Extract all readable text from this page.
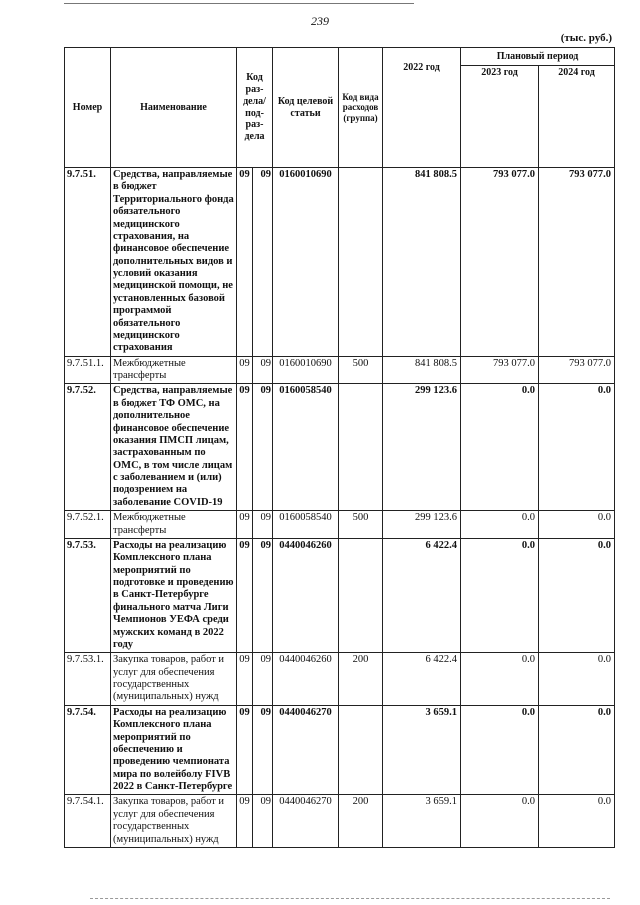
239
(тыс. руб.)
Номер	Наименование	Код раз-дела/ под-раз-дела		Код целевой статьи	Код вида расходов (группа)	2022 год	Плановый период	
							2023 год	2024 год
9.7.51.	Средства, направляемые в бюджет Территориального фонда обязательного медицинского страхования, на финансовое обеспечение дополнительных видов и условий оказания медицинской помощи, не установленных базовой программой обязательного медицинского страхования	09	09	0160010690		841 808.5	793 077.0	793 077.0
9.7.51.1.	Межбюджетные трансферты	09	09	0160010690	500	841 808.5	793 077.0	793 077.0
9.7.52.	Средства, направляемые в бюджет ТФ ОМС, на дополнительное финансовое обеспечение оказания ПМСП лицам, застрахованным по ОМС, в том числе лицам с заболеванием и (или) подозрением на заболевание COVID-19	09	09	0160058540		299 123.6	0.0	0.0
9.7.52.1.	Межбюджетные трансферты	09	09	0160058540	500	299 123.6	0.0	0.0
9.7.53.	Расходы на реализацию Комплексного плана мероприятий по подготовке и проведению в Санкт-Петербурге финального матча Лиги Чемпионов УЕФА среди мужских команд в 2022 году	09	09	0440046260		6 422.4	0.0	0.0
9.7.53.1.	Закупка товаров, работ и услуг для обеспечения государственных (муниципальных) нужд	09	09	0440046260	200	6 422.4	0.0	0.0
9.7.54.	Расходы на реализацию Комплексного плана мероприятий по обеспечению и проведению чемпионата мира по волейболу FIVB 2022 в Санкт-Петербурге	09	09	0440046270		3 659.1	0.0	0.0
9.7.54.1.	Закупка товаров, работ и услуг для обеспечения государственных (муниципальных) нужд	09	09	0440046270	200	3 659.1	0.0	0.0
